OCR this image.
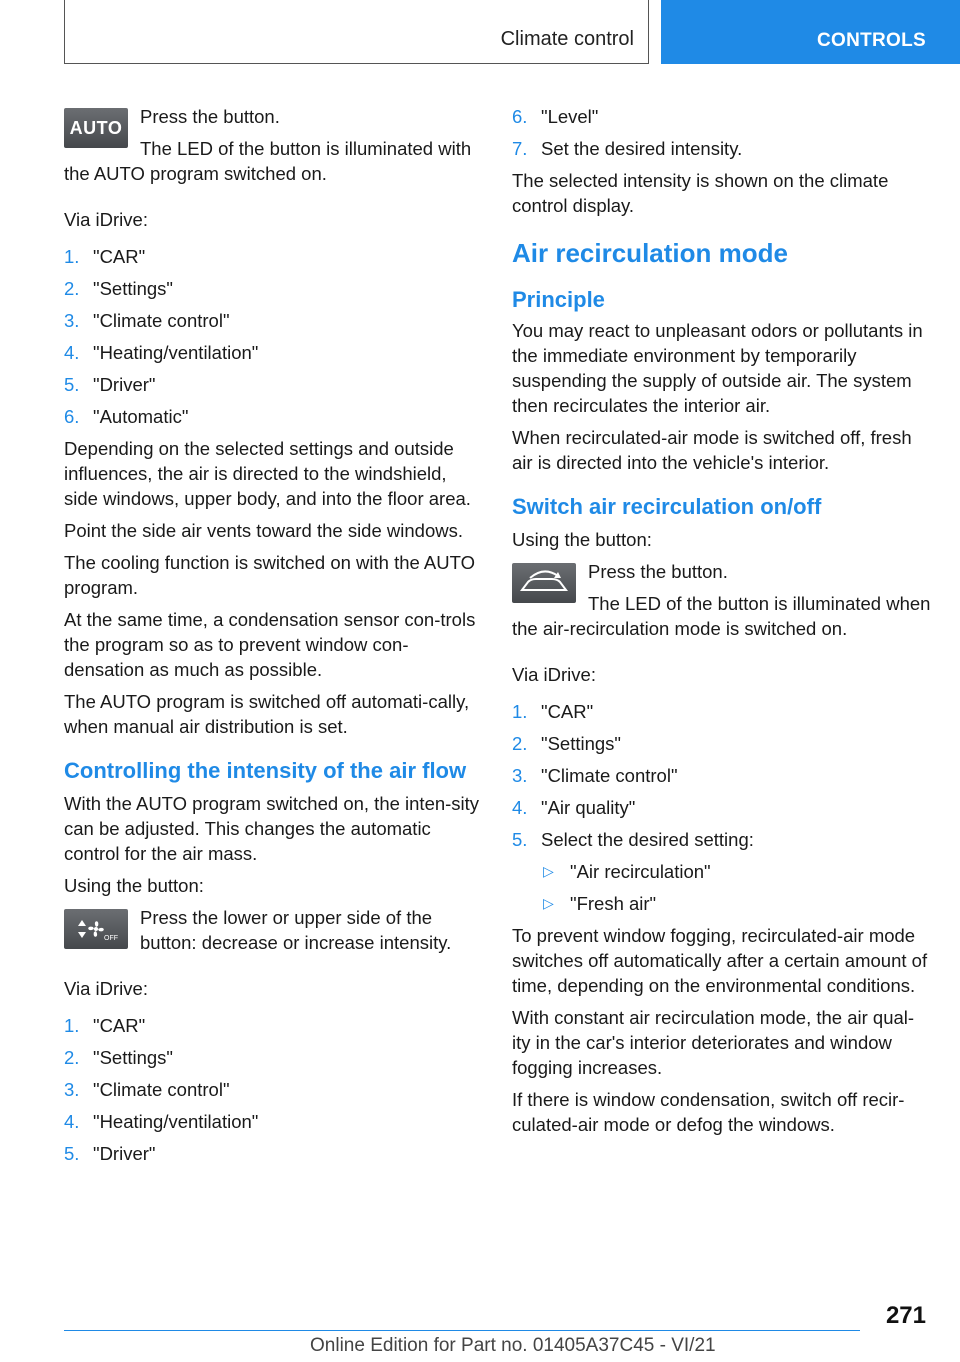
Climate control	CONTROLS
AUTO

Press the button.

The LED of the button is illuminated with the AUTO program switched on.

Via iDrive:

1. "CAR"
2. "Settings"
3. "Climate control"
4. "Heating/ventilation"
5. "Driver"
6. "Automatic"

Depending on the selected settings and outside influences, the air is directed to the windshield, side windows, upper body, and into the floor area.

Point the side air vents toward the side windows.

The cooling function is switched on with the AUTO program.

At the same time, a condensation sensor con-trols the program so as to prevent window con-densation as much as possible.

The AUTO program is switched off automati-cally, when manual air distribution is set.

Controlling the intensity of the air flow

With the AUTO program switched on, the inten-sity can be adjusted. This changes the automatic control for the air mass.

Using the button:

OFF

Press the lower or upper side of the button: decrease or increase intensity.

Via iDrive:

1. "CAR"
2. "Settings"
3. "Climate control"
4. "Heating/ventilation"
5. "Driver"
6. "Level"
7. Set the desired intensity.

The selected intensity is shown on the climate control display.

Air recirculation mode
Principle

You may react to unpleasant odors or pollutants in the immediate environment by temporarily suspending the supply of outside air. The system then recirculates the interior air.

When recirculated-air mode is switched off, fresh air is directed into the vehicle's interior.

Switch air recirculation on/off

Using the button:

Press the button.

The LED of the button is illuminated when the air-recirculation mode is switched on.

Via iDrive:

1. "CAR"
2. "Settings"
3. "Climate control"
4. "Air quality"
5. Select the desired setting:
▷ "Air recirculation"
▷ "Fresh air"

To prevent window fogging, recirculated-air mode switches off automatically after a certain amount of time, depending on the environmental conditions.

With constant air recirculation mode, the air qual-ity in the car's interior deteriorates and window fogging increases.

If there is window condensation, switch off recir-culated-air mode or defog the windows.

271
Online Edition for Part no. 01405A37C45 - VI/21
